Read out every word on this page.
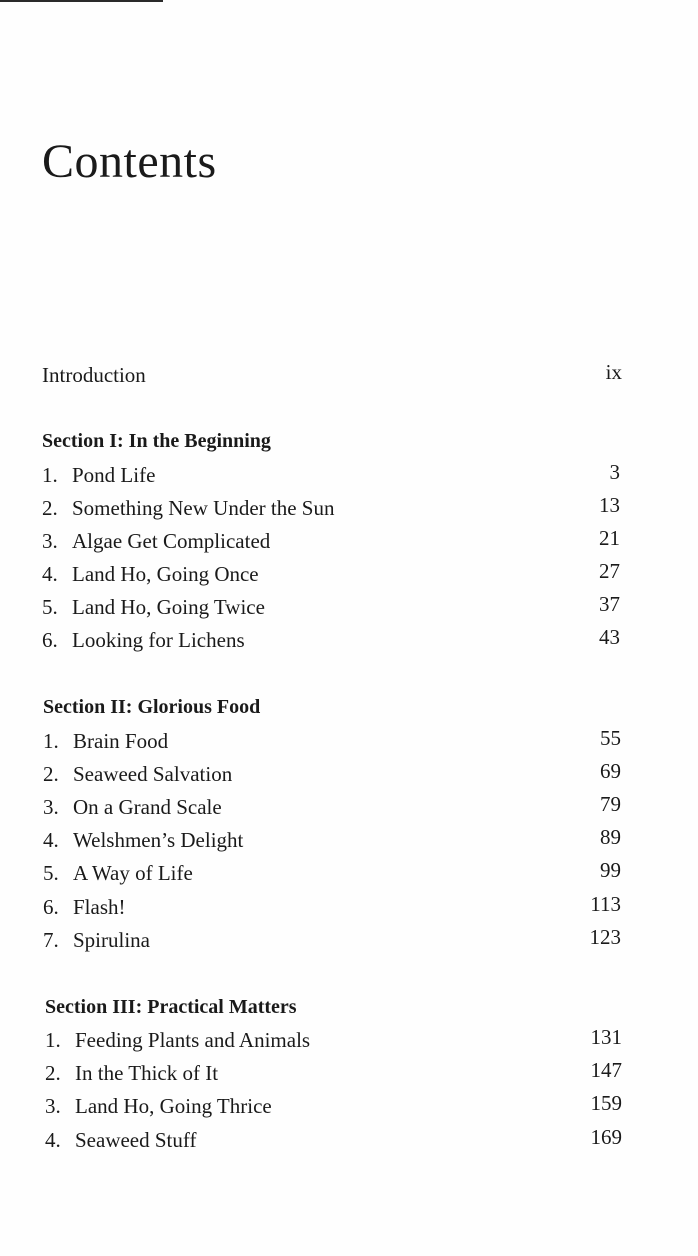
Contents
Introduction	ix
Section I: In the Beginning
1. Pond Life	3
2. Something New Under the Sun	13
3. Algae Get Complicated	21
4. Land Ho, Going Once	27
5. Land Ho, Going Twice	37
6. Looking for Lichens	43
Section II: Glorious Food
1. Brain Food	55
2. Seaweed Salvation	69
3. On a Grand Scale	79
4. Welshmen’s Delight	89
5. A Way of Life	99
6. Flash!	113
7. Spirulina	123
Section III: Practical Matters
1. Feeding Plants and Animals	131
2. In the Thick of It	147
3. Land Ho, Going Thrice	159
4. Seaweed Stuff	169
